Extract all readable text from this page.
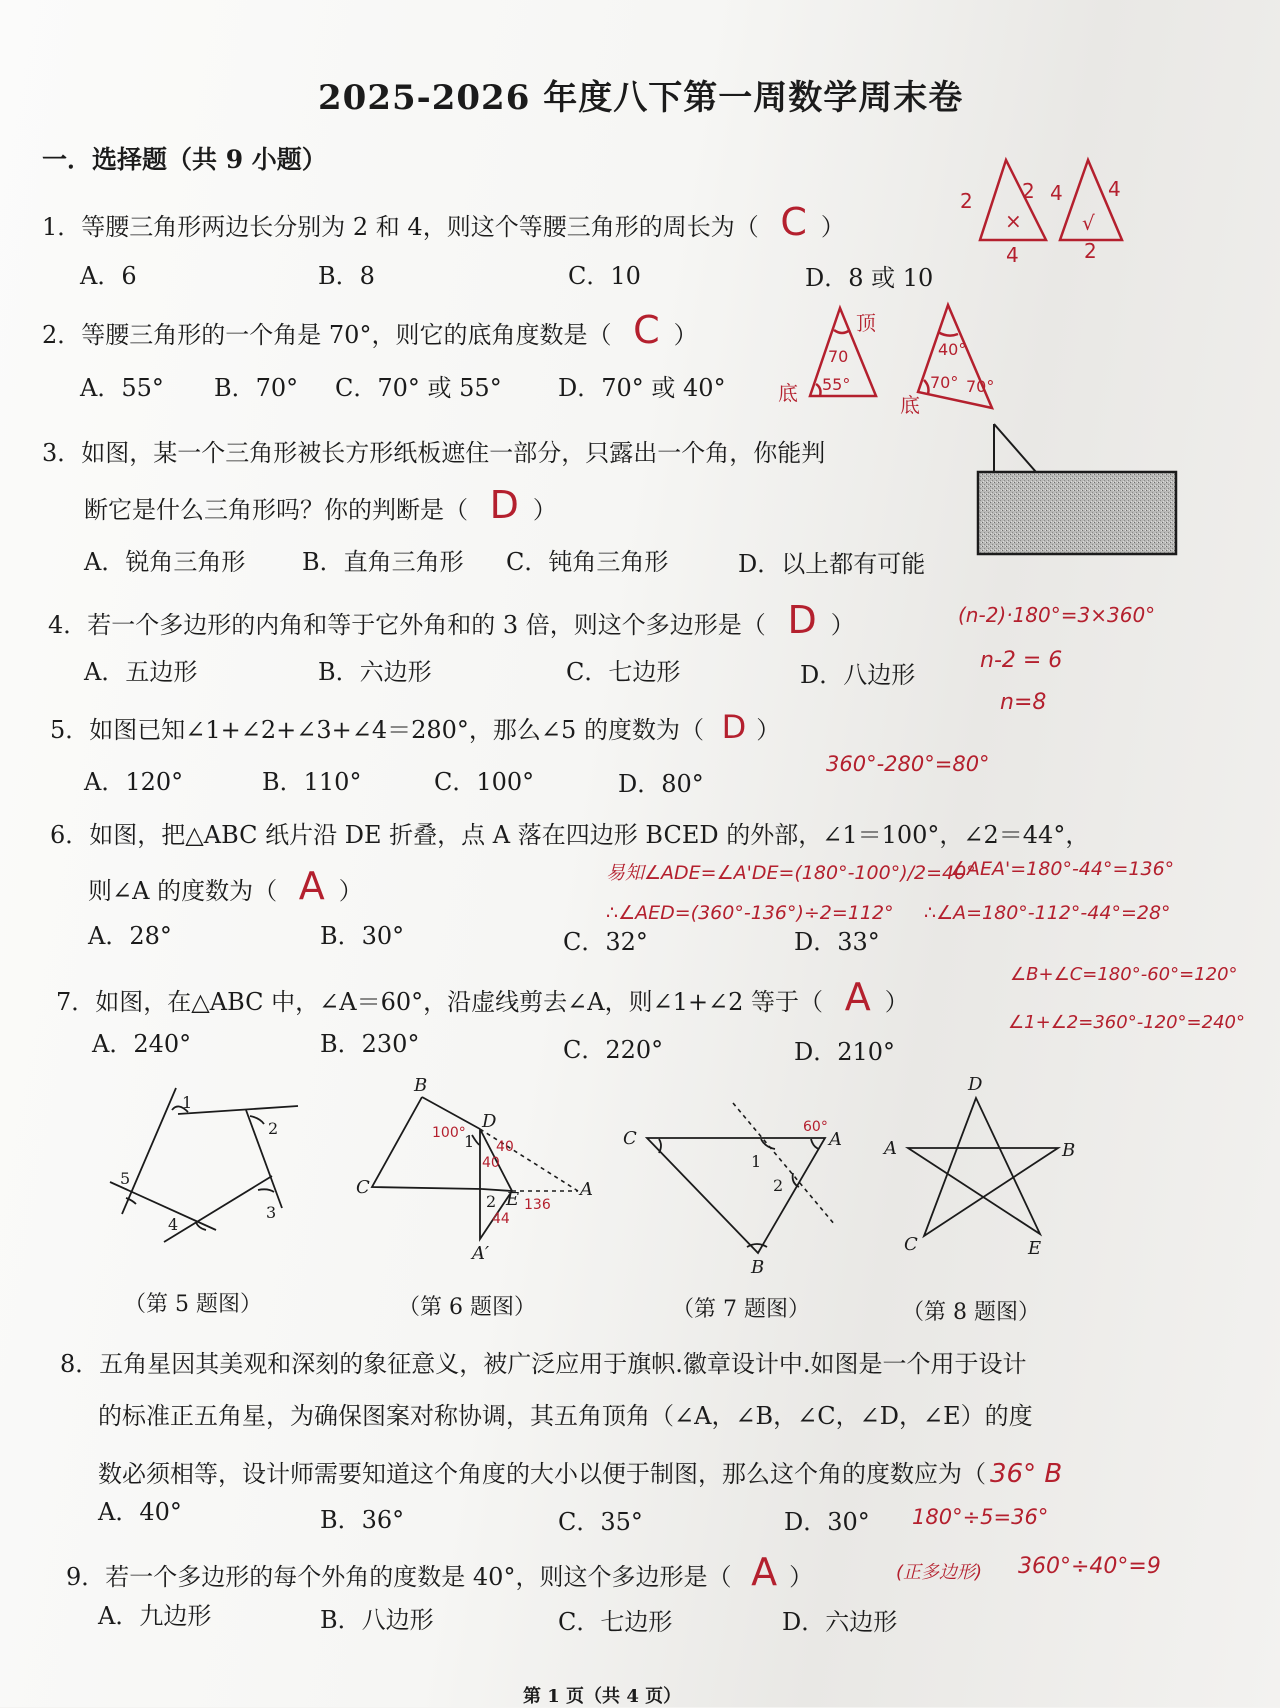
2025-2026 年度八下第一周数学周末卷
一．选择题（共 9 小题）
1．等腰三角形两边长分别为 2 和 4，则这个等腰三角形的周长为（ C ）
A．6	B．8	C．10	D．8 或 10
2 2
4
×
4 4
2
√
2．等腰三角形的一个角是 70°，则它的底角度数是（ C ）
A．55° B．70° C．70° 或 55° D．70° 或 40°
70
55°
顶
底
40°
70° 70°
底
3．如图，某一个三角形被长方形纸板遮住一部分，只露出一个角，你能判
断它是什么三角形吗？你的判断是（ D ）
A．锐角三角形 B．直角三角形 C．钝角三角形	D．以上都有可能
4．若一个多边形的内角和等于它外角和的 3 倍，则这个多边形是（ D ）	(n-2)·180°=3×360°
n-2 = 6
n=8
A．五边形	B．六边形	C．七边形	D．八边形
5．如图已知∠1+∠2+∠3+∠4＝280°，那么∠5 的度数为（ D ）
360°-280°=80°
A．120°	B．110°	C．100°	D．80°
6．如图，把△ABC 纸片沿 DE 折叠，点 A 落在四边形 BCED 的外部，∠1＝100°，∠2＝44°，
则∠A 的度数为（ A ）
易知∠ADE=∠A'DE=(180°-100°)/2=40°
∠AEA'=180°-44°=136°
∴∠AED=(360°-136°)÷2=112° ∴∠A=180°-112°-44°=28°
A．28°	B．30°	C．32°	D．33°
7．如图，在△ABC 中，∠A＝60°，沿虚线剪去∠A，则∠1+∠2 等于（ A ）
∠B+∠C=180°-60°=120°
∠1+∠2=360°-120°=240°
A．240°	B．230°	C．220°	D．210°
1
2
3
4
5
（第 5 题图）
B
D
1
C
2 E	A
A′
100°
40
40
44
136
（第 6 题图）
C	A
1
2
B
60°
（第 7 题图）
D
A	B
C	E
（第 8 题图）
8．五角星因其美观和深刻的象征意义，被广泛应用于旗帜.徽章设计中.如图是一个用于设计
的标准正五角星，为确保图案对称协调，其五角顶角（∠A，∠B，∠C，∠D，∠E）的度
数必须相等，设计师需要知道这个角度的大小以便于制图，那么这个角的度数应为（ 36° B
A．40°	B．36°	C．35°	D．30° 180°÷5=36°
9．若一个多边形的每个外角的度数是 40°，则这个多边形是（ A ）	(正多边形) 360°÷40°=9
A．九边形	B．八边形	C．七边形	D．六边形
第 1 页（共 4 页）
